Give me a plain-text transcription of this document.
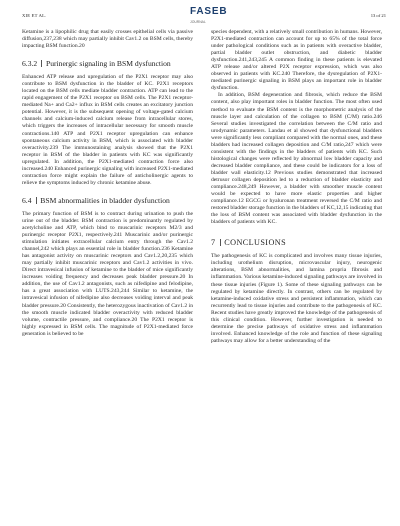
XIE ET AL.	FASEB
JOURNAL
13 of 21

Ketamine is a lipophilic drug that easily crosses epithelial cells via passive diffusion,237,238 which may partially inhibit Cav1.2 on BSM cells, thereby impacting BSM function.20

6.3.2 Purinergic signaling in BSM dysfunction

Enhanced ATP release and upregulation of the P2X1 receptor may also contribute to BSM dysfunction in the bladder of KC. P2X1 receptors located on the BSM cells mediate bladder contraction. ATP can lead to the rapid engagement of the P2X1 receptor on BSM cells. The P2X1 receptor-mediated Na+ and Ca2+ influx in BSM cells creates an excitatory junction potential. However, it is the subsequent opening of voltage-gated calcium channels and calcium-induced calcium release from intracellular stores, which triggers the increases of intracellular necessary for smooth muscle contractions.140 ATP and P2X1 receptor upregulation can enhance spontaneous calcium activity in BSM, which is associated with bladder overactivity.239 The immunostaining analysis showed that the P2X1 receptor in BSM of the bladder in patients with KC was significantly upregulated. In addition, the P2X1-mediated contraction force also increased.240 Enhanced purinergic signaling with increased P2X1-mediated contraction force might explain the failure of anticholinergic agents to relieve the symptoms induced by chronic ketamine abuse.

6.4 BSM abnormalities in bladder dysfunction

The primary function of BSM is to contract during urination to push the urine out of the bladder. BSM contraction is predominantly regulated by acetylcholine and ATP, which bind to muscarinic receptors M2/3 and purinergic receptor P2X1, respectively.241 Muscarinic and/or purinergic stimulation initiates extracellular calcium entry through the Cav1.2 channel,242 which plays an essential role in bladder function.236 Ketamine has antagonist activity on muscarinic receptors and Cav1.2,20,235 which may partially inhibit muscarinic receptors and Cav1.2 activities in vivo. Direct intravesical infusion of ketamine to the bladder of mice significantly increases voiding frequency and decreases peak bladder pressure.20 In addition, the use of Cav1.2 antagonists, such as nifedipine and felodipine, has a great association with LUTS.243,244 Similar to ketamine, the intravesical infusion of nifedipine also decreases voiding interval and peak bladder pressure.20 Consistently, the heterozygous inactivation of Cav1.2 in the smooth muscle indicated bladder overactivity with reduced bladder volume, contractile pressure, and compliance.20 The P2X1 receptor is highly expressed in BSM cells. The magnitude of P2X1-mediated force generation is believed to be

species dependent, with a relatively small contribution in humans. However, P2X1-mediated contraction can account for up to 65% of the total force under pathological conditions such as in patients with overactive bladder, partial bladder outlet obstruction, and diabetic bladder dysfunction.241,243,245 A common finding in these patients is elevated ATP release and/or altered P2X receptor expression, which was also observed in patients with KC.240 Therefore, the dysregulation of P2X1-mediated purinergic signaling in BSM plays an important role in bladder dysfunction.

In addition, BSM degeneration and fibrosis, which reduce the BSM content, also play important roles in bladder function. The most often used method to evaluate the BSM content is the morphometric analysis of the muscle layer and calculation of the collagen to BSM (C/M) ratio.246 Several studies investigated the correlation between the C/M ratio and urodynamic parameters. Landau et al showed that dysfunctional bladders were significantly less compliant compared with the normal ones, and these bladders had increased collagen deposition and C/M ratio,247 which were consistent with the findings in the bladders of patients with KC. Such histological changes were reflected by abnormal low bladder capacity and decreased bladder compliance, and these could be indicators for a loss of bladder wall elasticity.12 Previous studies demonstrated that increased detrusor collagen deposition led to a reduction of bladder elasticity and compliance.248,249 However, a bladder with smoother muscle content would be expected to have more elastic properties and higher compliance.12 EGCG or hyaluronan treatment reversed the C/M ratio and restored bladder storage function in the bladders of KC,12,15 indicating that the loss of BSM content was associated with bladder dysfunction in the bladders of patients with KC.

7 CONCLUSIONS

The pathogenesis of KC is complicated and involves many tissue injuries, including urothelium disruption, microvascular injury, neurogenic alterations, BSM abnormalities, and lamina propria fibrosis and inflammation. Various ketamine-induced signaling pathways are involved in these tissue injuries (Figure 1). Some of these signaling pathways can be regulated by ketamine directly. In contrast, others can be regulated by ketamine-induced oxidative stress and persistent inflammation, which can recurrently lead to tissue injuries and contribute to the pathogenesis of KC. Recent studies have greatly improved the knowledge of the pathogenesis of this clinical condition. However, further investigation is needed to determine the precise pathways of oxidative stress and inflammation involved. Enhanced knowledge of the role and function of these signaling pathways may allow for a better understanding of the
